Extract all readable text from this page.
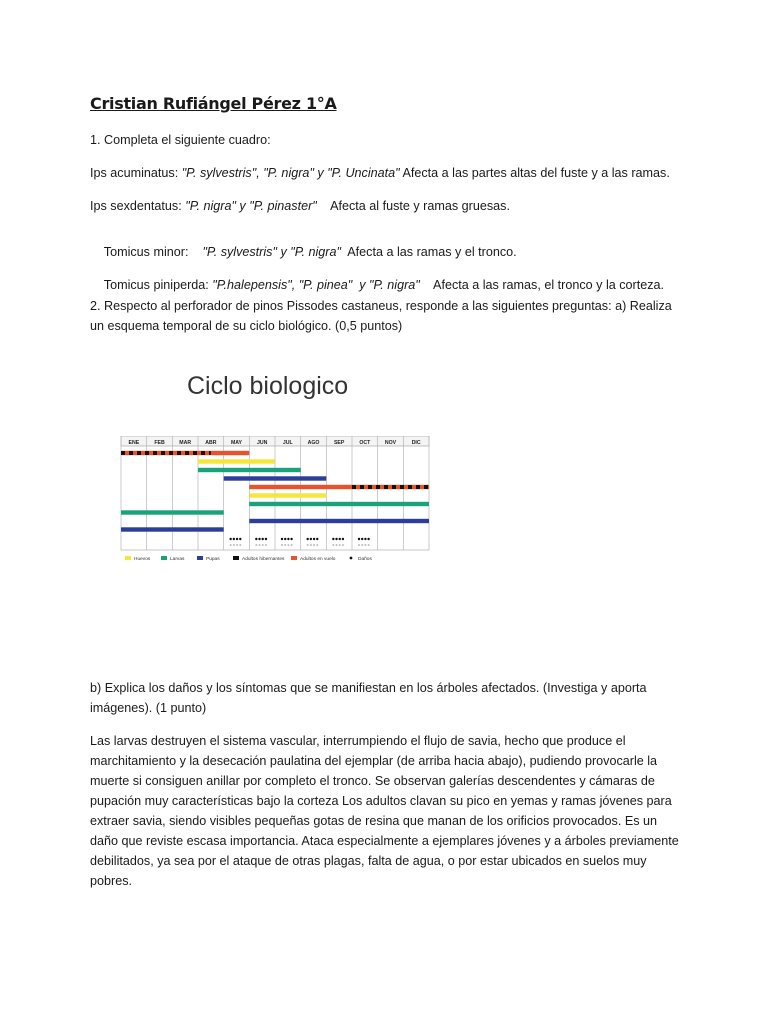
Cristian Rufiángel Pérez 1°A
1. Completa el siguiente cuadro:
Ips acuminatus: "P. sylvestris", "P. nigra" y "P. Uncinata" Afecta a las partes altas del fuste y a las ramas.
Ips sexdentatus: "P. nigra" y "P. pinaster"    Afecta al fuste y ramas gruesas.

Tomicus minor:    "P. sylvestris" y "P. nigra"  Afecta a las ramas y el tronco.

Tomicus piniperda: "P.halepensis", "P. pinea"  y "P. nigra"    Afecta a las ramas, el tronco y la corteza.

2. Respecto al perforador de pinos Pissodes castaneus, responde a las siguientes preguntas: a) Realiza un esquema temporal de su ciclo biológico. (0,5 puntos)
Ciclo biologico
ENE	FEB	MAR	ABR	MAY	JUN	JUL	AGO	SEP	OCT	NOV	DIC
Huevos	Larvas	Pupas	Adultos hibernantes	Adultos en vuelo	Daños
b) Explica los daños y los síntomas que se manifiestan en los árboles afectados. (Investiga y aporta imágenes). (1 punto)
Las larvas destruyen el sistema vascular, interrumpiendo el flujo de savia, hecho que produce el marchitamiento y la desecación paulatina del ejemplar (de arriba hacia abajo), pudiendo provocarle la muerte si consiguen anillar por completo el tronco. Se observan galerías descendentes y cámaras de pupación muy características bajo la corteza Los adultos clavan su pico en yemas y ramas jóvenes para extraer savia, siendo visibles pequeñas gotas de resina que manan de los orificios provocados. Es un daño que reviste escasa importancia. Ataca especialmente a ejemplares jóvenes y a árboles previamente debilitados, ya sea por el ataque de otras plagas, falta de agua, o por estar ubicados en suelos muy pobres.
